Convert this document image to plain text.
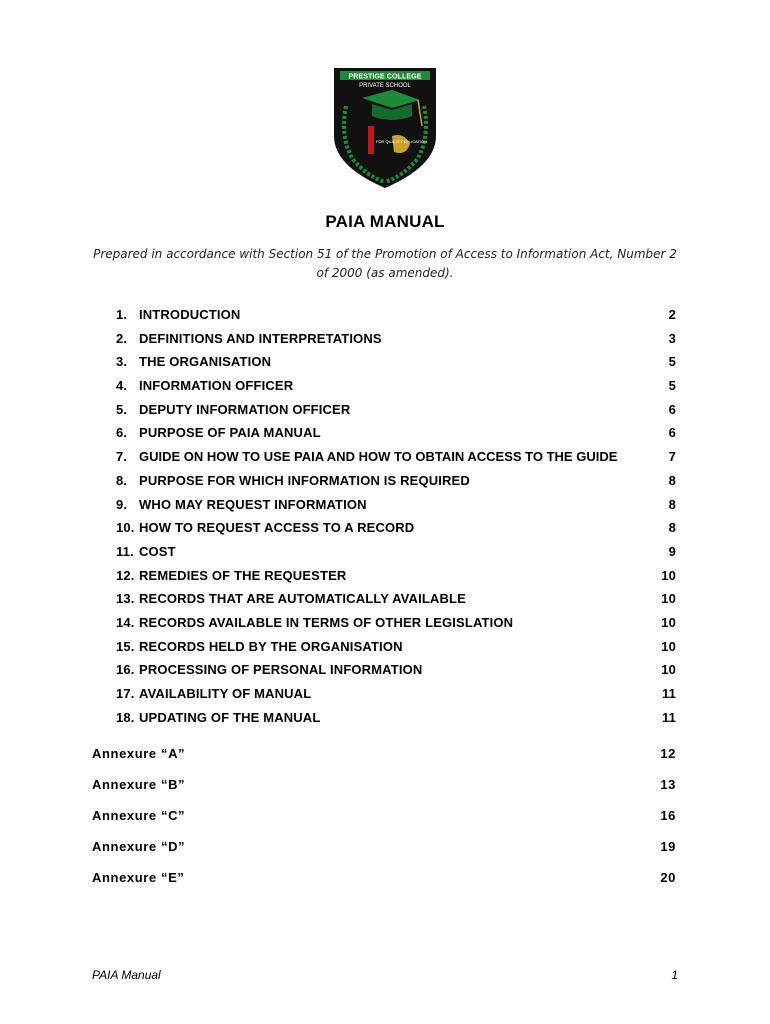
PRESTIGE COLLEGE
PRIVATE SCHOOL
FOR QUALITY EDUCATION
PAIA MANUAL
Prepared in accordance with Section 51 of the Promotion of Access to Information Act, Number 2 of 2000 (as amended).
1. INTRODUCTION	2
2. DEFINITIONS AND INTERPRETATIONS	3
3. THE ORGANISATION	5
4. INFORMATION OFFICER	5
5. DEPUTY INFORMATION OFFICER	6
6. PURPOSE OF PAIA MANUAL	6
7. GUIDE ON HOW TO USE PAIA AND HOW TO OBTAIN ACCESS TO THE GUIDE	7
8. PURPOSE FOR WHICH INFORMATION IS REQUIRED	8
9. WHO MAY REQUEST INFORMATION	8
10. HOW TO REQUEST ACCESS TO A RECORD	8
11. COST	9
12. REMEDIES OF THE REQUESTER	10
13. RECORDS THAT ARE AUTOMATICALLY AVAILABLE	10
14. RECORDS AVAILABLE IN TERMS OF OTHER LEGISLATION	10
15. RECORDS HELD BY THE ORGANISATION	10
16. PROCESSING OF PERSONAL INFORMATION	10
17. AVAILABILITY OF MANUAL	11
18. UPDATING OF THE MANUAL	11
Annexure “A”	12
Annexure “B”	13
Annexure “C”	16
Annexure “D”	19
Annexure “E”	20
PAIA Manual	1
